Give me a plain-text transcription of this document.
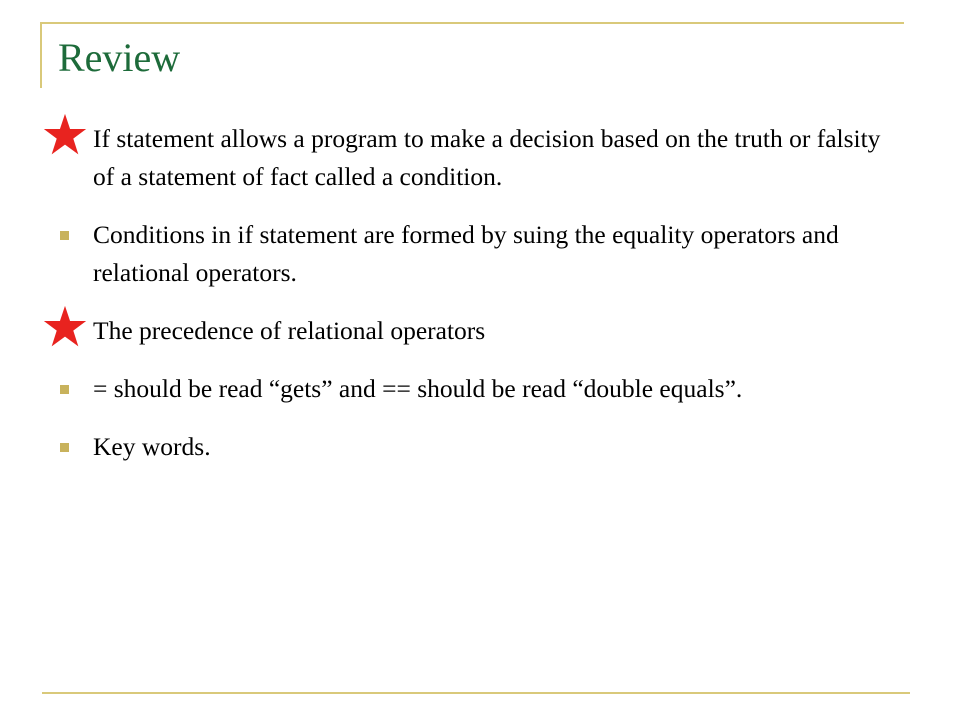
Review
If statement allows a program to make a decision based on the truth or falsity of a statement of fact called a condition.
Conditions in if statement are formed by suing the equality operators and relational operators.
The precedence of relational operators
= should be read “gets” and == should be read “double equals”.
Key words.
